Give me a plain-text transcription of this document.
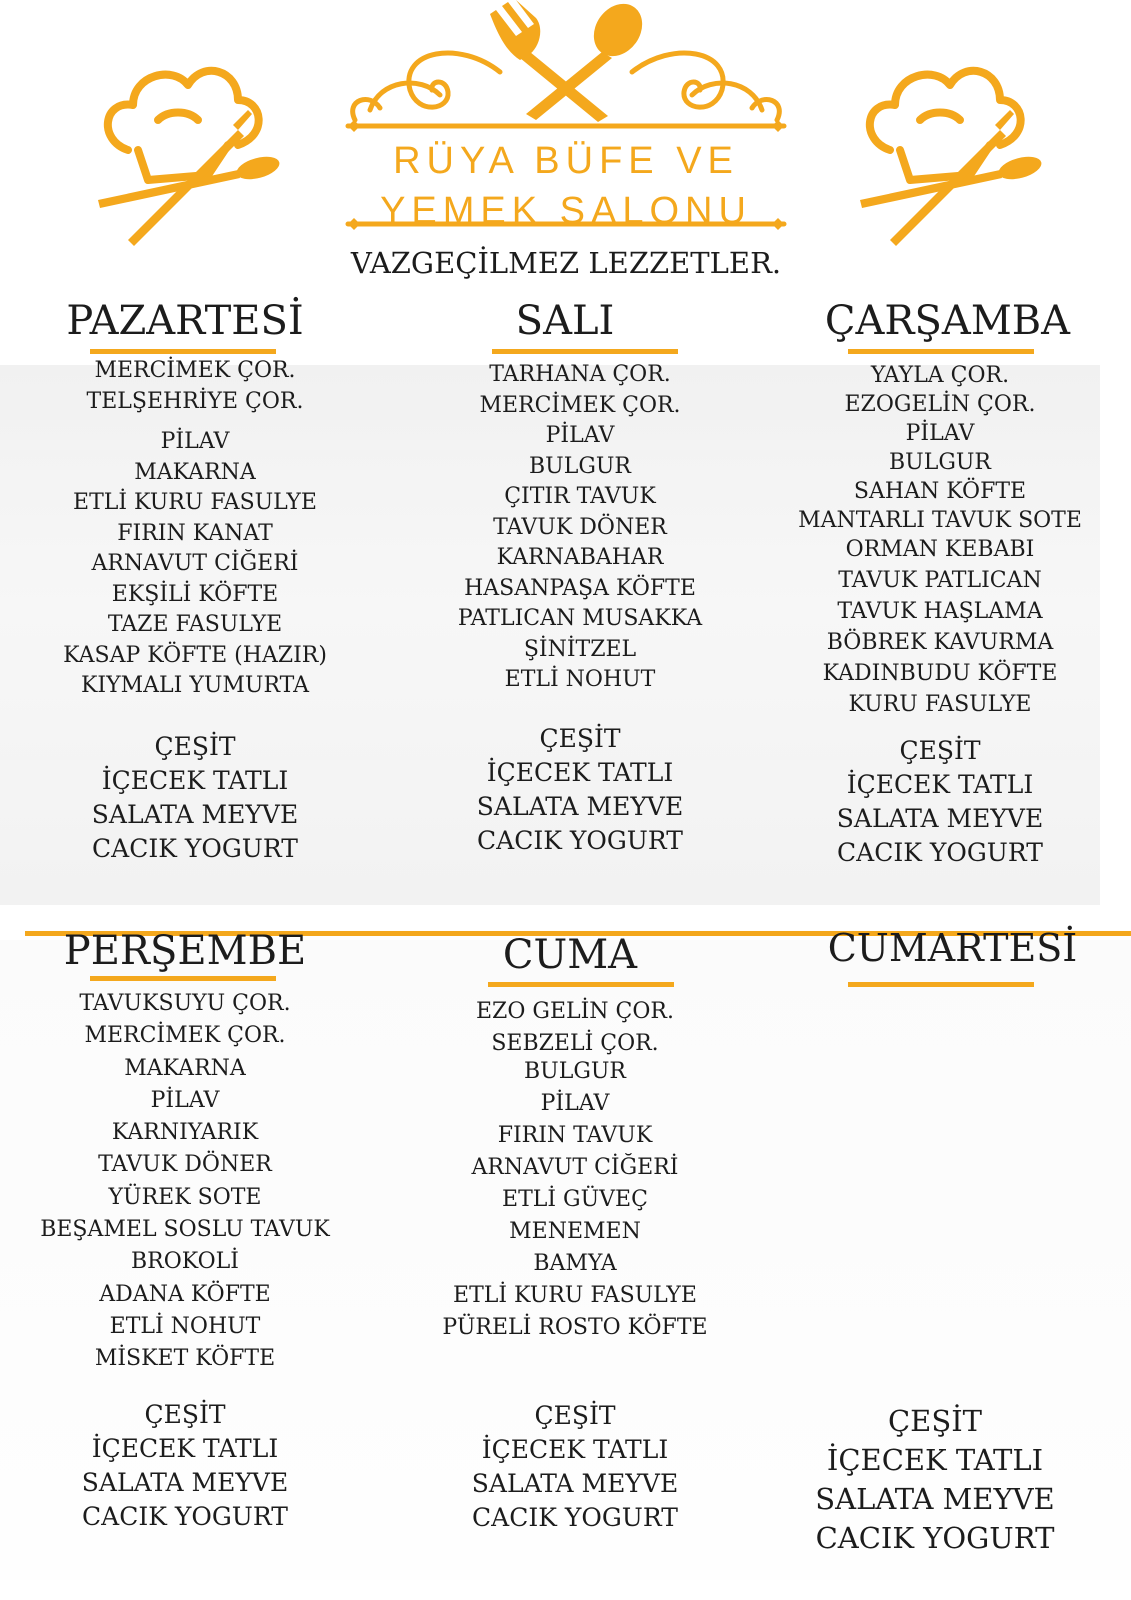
RÜYA BÜFE VE
YEMEK SALONU
VAZGEÇİLMEZ LEZZETLER.
PAZARTESİ
MERCİMEK ÇOR.
TELŞEHRİYE ÇOR.
PİLAV
MAKARNA
ETLİ KURU FASULYE
FIRIN KANAT
ARNAVUT CİĞERİ
EKŞİLİ KÖFTE
TAZE FASULYE
KASAP KÖFTE (HAZIR)
KIYMALI YUMURTA
ÇEŞİT
İÇECEK TATLI
SALATA MEYVE
CACIK YOGURT
SALI
TARHANA ÇOR.
MERCİMEK ÇOR.
PİLAV
BULGUR
ÇITIR TAVUK
TAVUK DÖNER
KARNABAHAR
HASANPAŞA KÖFTE
PATLICAN MUSAKKA
ŞİNİTZEL
ETLİ NOHUT
ÇEŞİT
İÇECEK TATLI
SALATA MEYVE
CACIK YOGURT
ÇARŞAMBA
YAYLA ÇOR.
EZOGELİN ÇOR.
PİLAV
BULGUR
SAHAN KÖFTE
MANTARLI TAVUK SOTE
ORMAN KEBABI
TAVUK PATLICAN
TAVUK HAŞLAMA
BÖBREK KAVURMA
KADINBUDU KÖFTE
KURU FASULYE
ÇEŞİT
İÇECEK TATLI
SALATA MEYVE
CACIK YOGURT
PERŞEMBE
TAVUKSUYU ÇOR.
MERCİMEK ÇOR.
MAKARNA
PİLAV
KARNIYARIK
TAVUK DÖNER
YÜREK SOTE
BEŞAMEL SOSLU TAVUK
BROKOLİ
ADANA KÖFTE
ETLİ NOHUT
MİSKET KÖFTE
ÇEŞİT
İÇECEK TATLI
SALATA MEYVE
CACIK YOGURT
CUMA
EZO GELİN ÇOR.
SEBZELİ ÇOR.
BULGUR
PİLAV
FIRIN TAVUK
ARNAVUT CİĞERİ
ETLİ GÜVEÇ
MENEMEN
BAMYA
ETLİ KURU FASULYE
PÜRELİ ROSTO KÖFTE
ÇEŞİT
İÇECEK TATLI
SALATA MEYVE
CACIK YOGURT
CUMARTESİ
ÇEŞİT
İÇECEK TATLI
SALATA MEYVE
CACIK YOGURT
